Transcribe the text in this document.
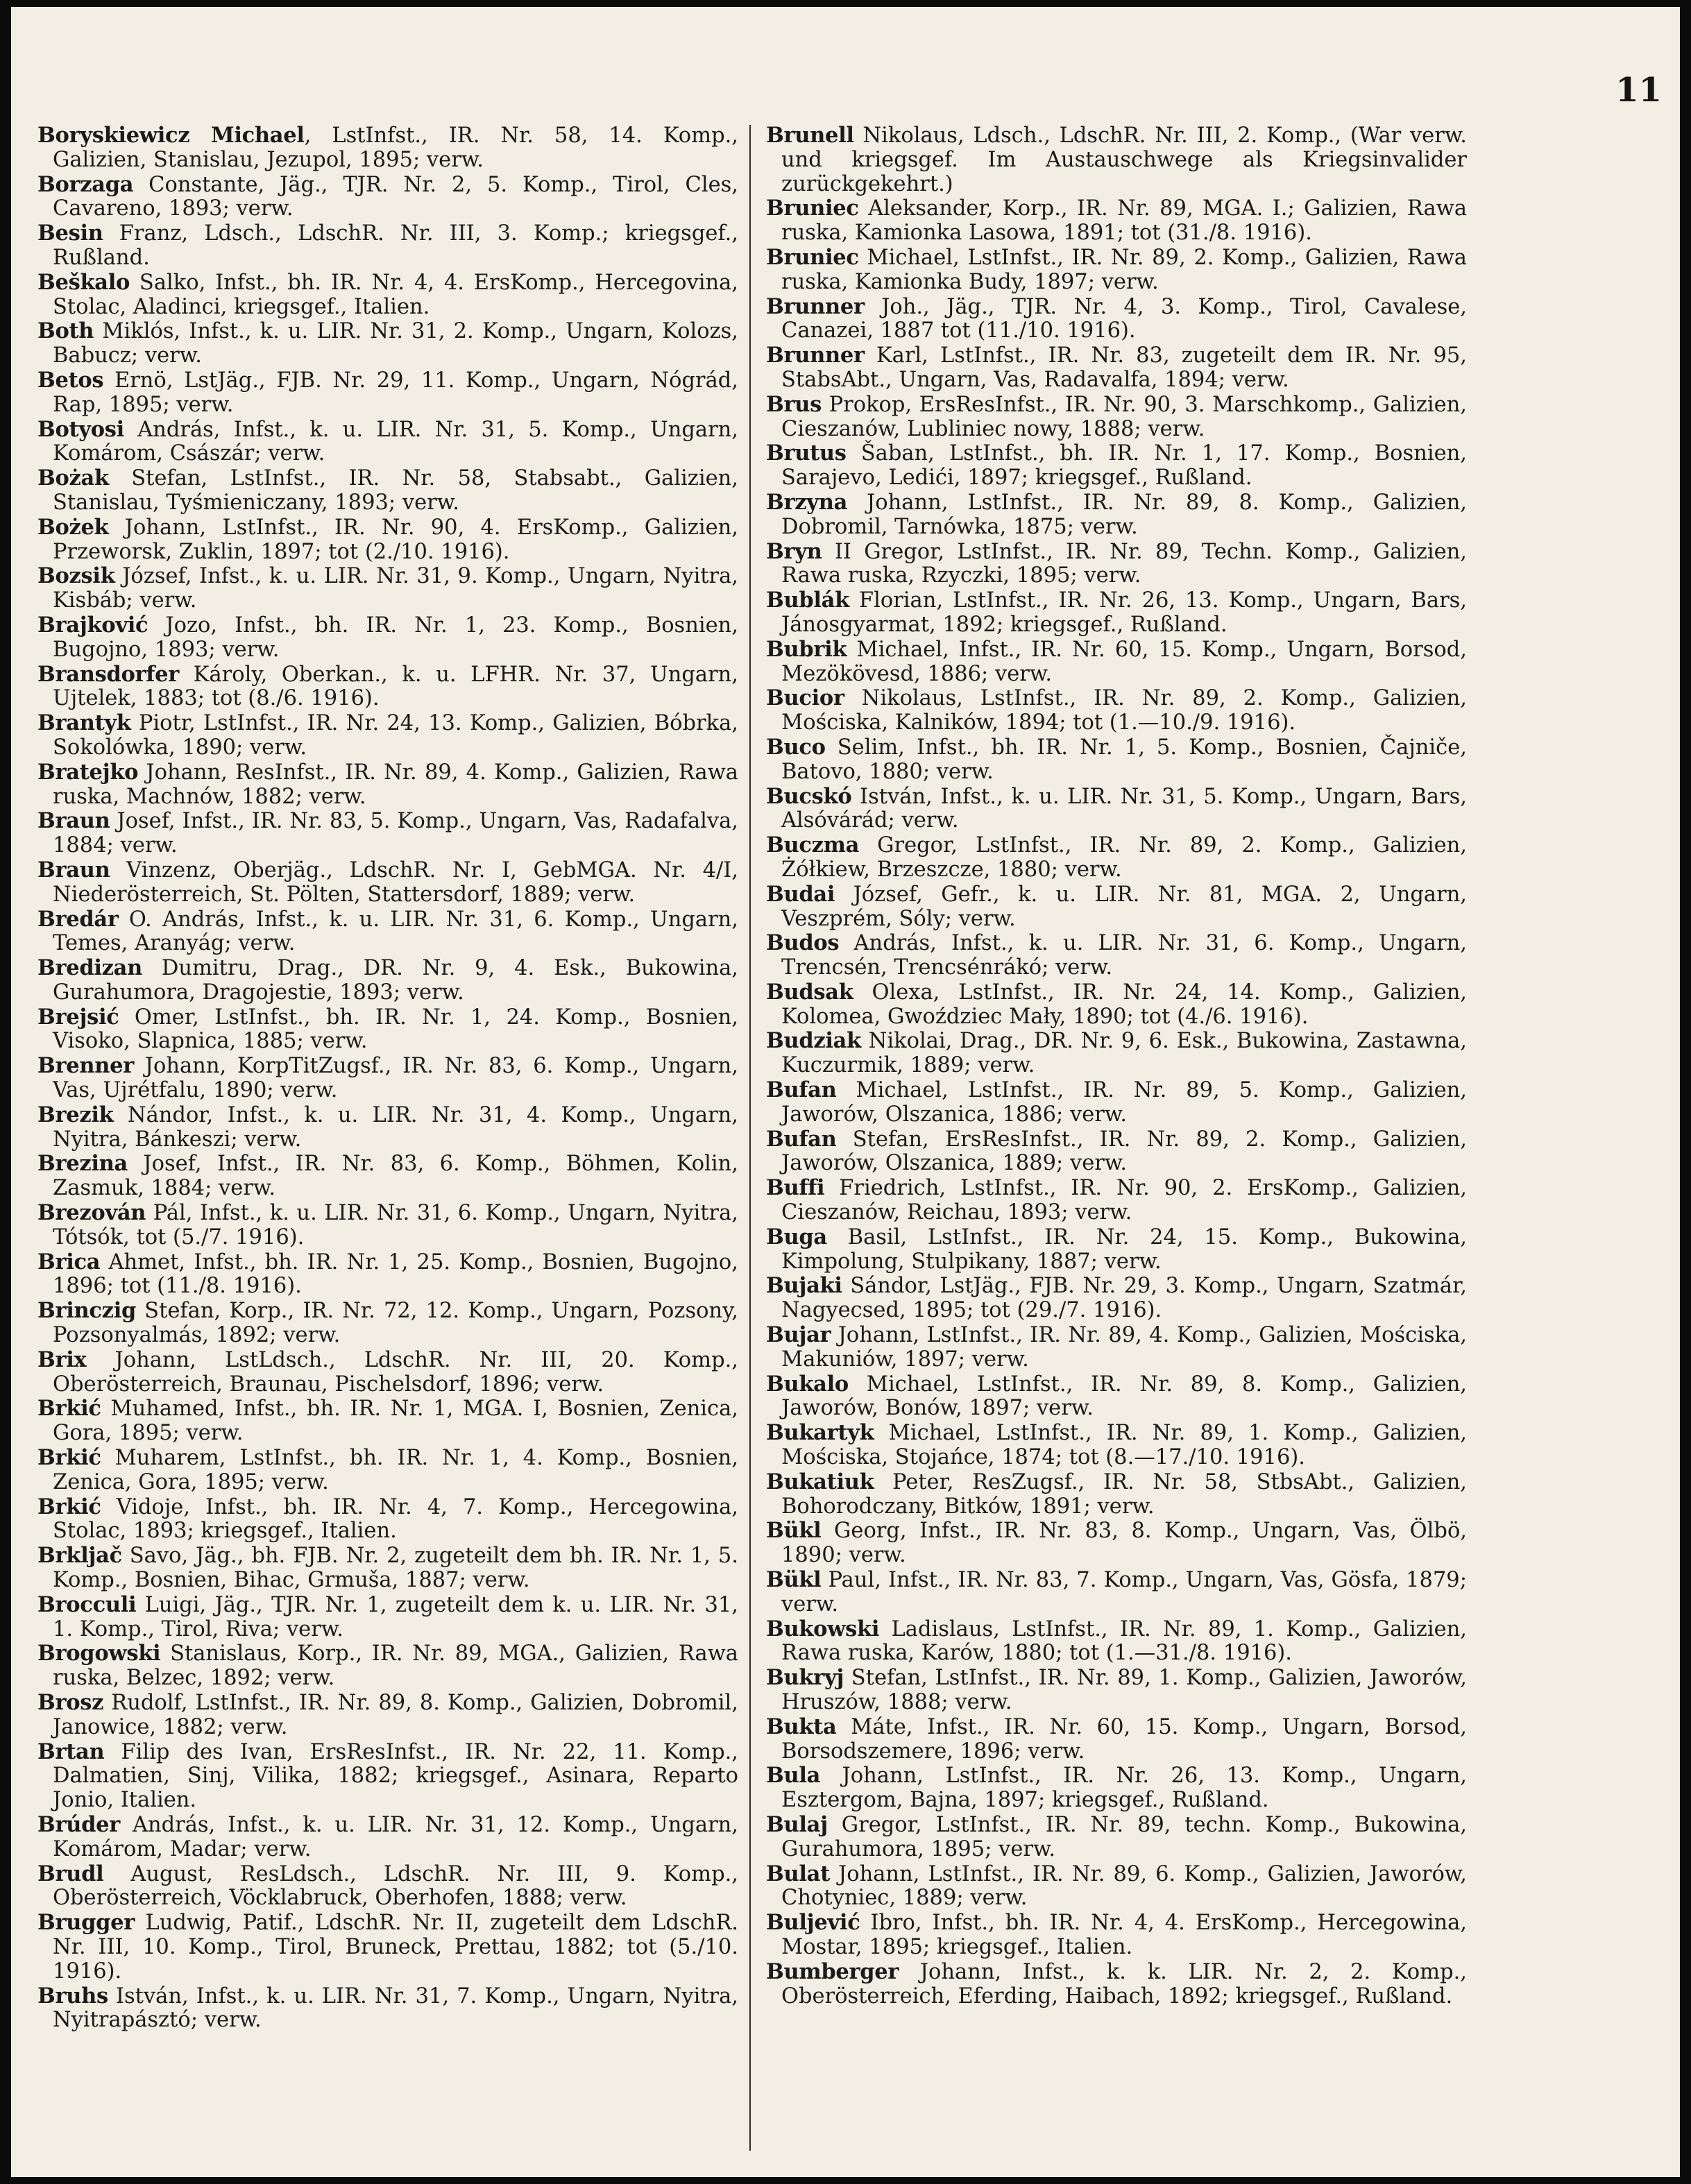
11

Boryskiewicz Michael, LstInfst., IR. Nr. 58, 14. Komp., Galizien, Stanislau, Jezupol, 1895; verw.

Borzaga Constante, Jäg., TJR. Nr. 2, 5. Komp., Tirol, Cles, Cavareno, 1893; verw.

Besin Franz, Ldsch., LdschR. Nr. III, 3. Komp.; kriegsgef., Rußland.

Beškalo Salko, Infst., bh. IR. Nr. 4, 4. ErsKomp., Hercegovina, Stolac, Aladinci, kriegsgef., Italien.

Both Miklós, Infst., k. u. LIR. Nr. 31, 2. Komp., Ungarn, Kolozs, Babucz; verw.

Betos Ernö, LstJäg., FJB. Nr. 29, 11. Komp., Ungarn, Nógrád, Rap, 1895; verw.

Botyosi András, Infst., k. u. LIR. Nr. 31, 5. Komp., Ungarn, Komárom, Császár; verw.

Bożak Stefan, LstInfst., IR. Nr. 58, Stabsabt., Galizien, Stanislau, Tyśmieniczany, 1893; verw.

Bożek Johann, LstInfst., IR. Nr. 90, 4. ErsKomp., Galizien, Przeworsk, Zuklin, 1897; tot (2./10. 1916).

Bozsik József, Infst., k. u. LIR. Nr. 31, 9. Komp., Ungarn, Nyitra, Kisbáb; verw.

Brajković Jozo, Infst., bh. IR. Nr. 1, 23. Komp., Bosnien, Bugojno, 1893; verw.

Bransdorfer Károly, Oberkan., k. u. LFHR. Nr. 37, Ungarn, Ujtelek, 1883; tot (8./6. 1916).

Brantyk Piotr, LstInfst., IR. Nr. 24, 13. Komp., Galizien, Bóbrka, Sokolówka, 1890; verw.

Bratejko Johann, ResInfst., IR. Nr. 89, 4. Komp., Galizien, Rawa ruska, Machnów, 1882; verw.

Braun Josef, Infst., IR. Nr. 83, 5. Komp., Ungarn, Vas, Radafalva, 1884; verw.

Braun Vinzenz, Oberjäg., LdschR. Nr. I, GebMGA. Nr. 4/I, Niederösterreich, St. Pölten, Stattersdorf, 1889; verw.

Bredár O. András, Infst., k. u. LIR. Nr. 31, 6. Komp., Ungarn, Temes, Aranyág; verw.

Bredizan Dumitru, Drag., DR. Nr. 9, 4. Esk., Bukowina, Gurahumora, Dragojestie, 1893; verw.

Brejsić Omer, LstInfst., bh. IR. Nr. 1, 24. Komp., Bosnien, Visoko, Slapnica, 1885; verw.

Brenner Johann, KorpTitZugsf., IR. Nr. 83, 6. Komp., Ungarn, Vas, Ujrétfalu, 1890; verw.

Brezik Nándor, Infst., k. u. LIR. Nr. 31, 4. Komp., Ungarn, Nyitra, Bánkeszi; verw.

Brezina Josef, Infst., IR. Nr. 83, 6. Komp., Böhmen, Kolin, Zasmuk, 1884; verw.

Brezován Pál, Infst., k. u. LIR. Nr. 31, 6. Komp., Ungarn, Nyitra, Tótsók, tot (5./7. 1916).

Brica Ahmet, Infst., bh. IR. Nr. 1, 25. Komp., Bosnien, Bugojno, 1896; tot (11./8. 1916).

Brinczig Stefan, Korp., IR. Nr. 72, 12. Komp., Ungarn, Pozsony, Pozsonyalmás, 1892; verw.

Brix Johann, LstLdsch., LdschR. Nr. III, 20. Komp., Oberösterreich, Braunau, Pischelsdorf, 1896; verw.

Brkić Muhamed, Infst., bh. IR. Nr. 1, MGA. I, Bosnien, Zenica, Gora, 1895; verw.

Brkić Muharem, LstInfst., bh. IR. Nr. 1, 4. Komp., Bosnien, Zenica, Gora, 1895; verw.

Brkić Vidoje, Infst., bh. IR. Nr. 4, 7. Komp., Hercegowina, Stolac, 1893; kriegsgef., Italien.

Brkljač Savo, Jäg., bh. FJB. Nr. 2, zugeteilt dem bh. IR. Nr. 1, 5. Komp., Bosnien, Bihac, Grmuša, 1887; verw.

Brocculi Luigi, Jäg., TJR. Nr. 1, zugeteilt dem k. u. LIR. Nr. 31, 1. Komp., Tirol, Riva; verw.

Brogowski Stanislaus, Korp., IR. Nr. 89, MGA., Galizien, Rawa ruska, Belzec, 1892; verw.

Brosz Rudolf, LstInfst., IR. Nr. 89, 8. Komp., Galizien, Dobromil, Janowice, 1882; verw.

Brtan Filip des Ivan, ErsResInfst., IR. Nr. 22, 11. Komp., Dalmatien, Sinj, Vilika, 1882; kriegsgef., Asinara, Reparto Jonio, Italien.

Brúder András, Infst., k. u. LIR. Nr. 31, 12. Komp., Ungarn, Komárom, Madar; verw.

Brudl August, ResLdsch., LdschR. Nr. III, 9. Komp., Oberösterreich, Vöcklabruck, Oberhofen, 1888; verw.

Brugger Ludwig, Patif., LdschR. Nr. II, zugeteilt dem LdschR. Nr. III, 10. Komp., Tirol, Bruneck, Prettau, 1882; tot (5./10. 1916).

Bruhs István, Infst., k. u. LIR. Nr. 31, 7. Komp., Ungarn, Nyitra, Nyitrapásztó; verw.

Brunell Nikolaus, Ldsch., LdschR. Nr. III, 2. Komp., (War verw. und kriegsgef. Im Austauschwege als Kriegsinvalider zurückgekehrt.)

Bruniec Aleksander, Korp., IR. Nr. 89, MGA. I.; Galizien, Rawa ruska, Kamionka Lasowa, 1891; tot (31./8. 1916).

Bruniec Michael, LstInfst., IR. Nr. 89, 2. Komp., Galizien, Rawa ruska, Kamionka Budy, 1897; verw.

Brunner Joh., Jäg., TJR. Nr. 4, 3. Komp., Tirol, Cavalese, Canazei, 1887 tot (11./10. 1916).

Brunner Karl, LstInfst., IR. Nr. 83, zugeteilt dem IR. Nr. 95, StabsAbt., Ungarn, Vas, Radavalfa, 1894; verw.

Brus Prokop, ErsResInfst., IR. Nr. 90, 3. Marschkomp., Galizien, Cieszanów, Lubliniec nowy, 1888; verw.

Brutus Šaban, LstInfst., bh. IR. Nr. 1, 17. Komp., Bosnien, Sarajevo, Ledići, 1897; kriegsgef., Rußland.

Brzyna Johann, LstInfst., IR. Nr. 89, 8. Komp., Galizien, Dobromil, Tarnówka, 1875; verw.

Bryn II Gregor, LstInfst., IR. Nr. 89, Techn. Komp., Galizien, Rawa ruska, Rzyczki, 1895; verw.

Bublák Florian, LstInfst., IR. Nr. 26, 13. Komp., Ungarn, Bars, Jánosgyarmat, 1892; kriegsgef., Rußland.

Bubrik Michael, Infst., IR. Nr. 60, 15. Komp., Ungarn, Borsod, Mezökövesd, 1886; verw.

Bucior Nikolaus, LstInfst., IR. Nr. 89, 2. Komp., Galizien, Mościska, Kalników, 1894; tot (1.—10./9. 1916).

Buco Selim, Infst., bh. IR. Nr. 1, 5. Komp., Bosnien, Čajniče, Batovo, 1880; verw.

Bucskó István, Infst., k. u. LIR. Nr. 31, 5. Komp., Ungarn, Bars, Alsóvárád; verw.

Buczma Gregor, LstInfst., IR. Nr. 89, 2. Komp., Galizien, Żółkiew, Brzeszcze, 1880; verw.

Budai József, Gefr., k. u. LIR. Nr. 81, MGA. 2, Ungarn, Veszprém, Sóly; verw.

Budos András, Infst., k. u. LIR. Nr. 31, 6. Komp., Ungarn, Trencsén, Trencsénrákó; verw.

Budsak Olexa, LstInfst., IR. Nr. 24, 14. Komp., Galizien, Kolomea, Gwoździec Mały, 1890; tot (4./6. 1916).

Budziak Nikolai, Drag., DR. Nr. 9, 6. Esk., Bukowina, Zastawna, Kuczurmik, 1889; verw.

Bufan Michael, LstInfst., IR. Nr. 89, 5. Komp., Galizien, Jaworów, Olszanica, 1886; verw.

Bufan Stefan, ErsResInfst., IR. Nr. 89, 2. Komp., Galizien, Jaworów, Olszanica, 1889; verw.

Buffi Friedrich, LstInfst., IR. Nr. 90, 2. ErsKomp., Galizien, Cieszanów, Reichau, 1893; verw.

Buga Basil, LstInfst., IR. Nr. 24, 15. Komp., Bukowina, Kimpolung, Stulpikany, 1887; verw.

Bujaki Sándor, LstJäg., FJB. Nr. 29, 3. Komp., Ungarn, Szatmár, Nagyecsed, 1895; tot (29./7. 1916).

Bujar Johann, LstInfst., IR. Nr. 89, 4. Komp., Galizien, Mościska, Makuniów, 1897; verw.

Bukalo Michael, LstInfst., IR. Nr. 89, 8. Komp., Galizien, Jaworów, Bonów, 1897; verw.

Bukartyk Michael, LstInfst., IR. Nr. 89, 1. Komp., Galizien, Mościska, Stojańce, 1874; tot (8.—17./10. 1916).

Bukatiuk Peter, ResZugsf., IR. Nr. 58, StbsAbt., Galizien, Bohorodczany, Bitków, 1891; verw.

Bükl Georg, Infst., IR. Nr. 83, 8. Komp., Ungarn, Vas, Ölbö, 1890; verw.

Bükl Paul, Infst., IR. Nr. 83, 7. Komp., Ungarn, Vas, Gösfa, 1879; verw.

Bukowski Ladislaus, LstInfst., IR. Nr. 89, 1. Komp., Galizien, Rawa ruska, Karów, 1880; tot (1.—31./8. 1916).

Bukryj Stefan, LstInfst., IR. Nr. 89, 1. Komp., Galizien, Jaworów, Hruszów, 1888; verw.

Bukta Máte, Infst., IR. Nr. 60, 15. Komp., Ungarn, Borsod, Borsodszemere, 1896; verw.

Bula Johann, LstInfst., IR. Nr. 26, 13. Komp., Ungarn, Esztergom, Bajna, 1897; kriegsgef., Rußland.

Bulaj Gregor, LstInfst., IR. Nr. 89, techn. Komp., Bukowina, Gurahumora, 1895; verw.

Bulat Johann, LstInfst., IR. Nr. 89, 6. Komp., Galizien, Jaworów, Chotyniec, 1889; verw.

Buljević Ibro, Infst., bh. IR. Nr. 4, 4. ErsKomp., Hercegowina, Mostar, 1895; kriegsgef., Italien.

Bumberger Johann, Infst., k. k. LIR. Nr. 2, 2. Komp., Oberösterreich, Eferding, Haibach, 1892; kriegsgef., Rußland.
